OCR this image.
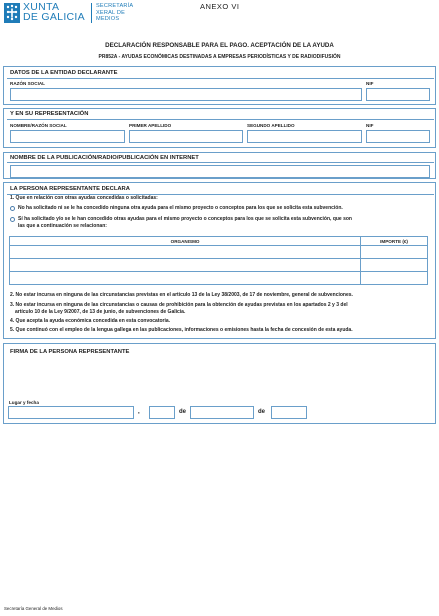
XUNTA
DE GALICIA
SECRETARÍA
XERAL DE
MEDIOS
ANEXO VI
DECLARACIÓN RESPONSABLE PARA EL PAGO. ACEPTACIÓN DE LA AYUDA
PR852A - AYUDAS ECONÓMICAS DESTINADAS A EMPRESAS PERIODÍSTICAS Y DE RADIODIFUSIÓN
DATOS DE LA ENTIDAD DECLARANTE
RAZÓN SOCIAL	NIF
Y EN SU REPRESENTACIÓN
NOMBRE/RAZÓN SOCIAL	PRIMER APELLIDO	SEGUNDO APELLIDO	NIF
NOMBRE DE LA PUBLICACIÓN/RADIO/PUBLICACIÓN EN INTERNET
LA PERSONA REPRESENTANTE DECLARA
1. Que en relación con otras ayudas concedidas o solicitadas:
No ha solicitado ni se le ha concedido ninguna otra ayuda para el mismo proyecto o conceptos para los que se solicita esta subvención.
Sí ha solicitado y/o se le han concedido otras ayudas para el mismo proyecto o conceptos para los que se solicita esta subvención, que son
las que a continuación se relacionan:
ORGANISMO	IMPORTE (€)

2. No estar incursa en ninguna de las circunstancias previstas en el artículo 13 de la Ley 38/2003, de 17 de noviembre, general de subvenciones.
3. No estar incursa en ninguna de las circunstancias o causas de prohibición para la obtención de ayudas previstas en los apartados 2 y 3 del
artículo 10 de la Ley 9/2007, de 13 de junio, de subvenciones de Galicia.
4. Que acepta la ayuda económica concedida en esta convocatoria.
5. Que continuó con el empleo de la lengua gallega en las publicaciones, informaciones o emisiones hasta la fecha de concesión de esta ayuda.
FIRMA DE LA PERSONA REPRESENTANTE
Lugar y fecha
,	de	de
Secretaría General de Medios
